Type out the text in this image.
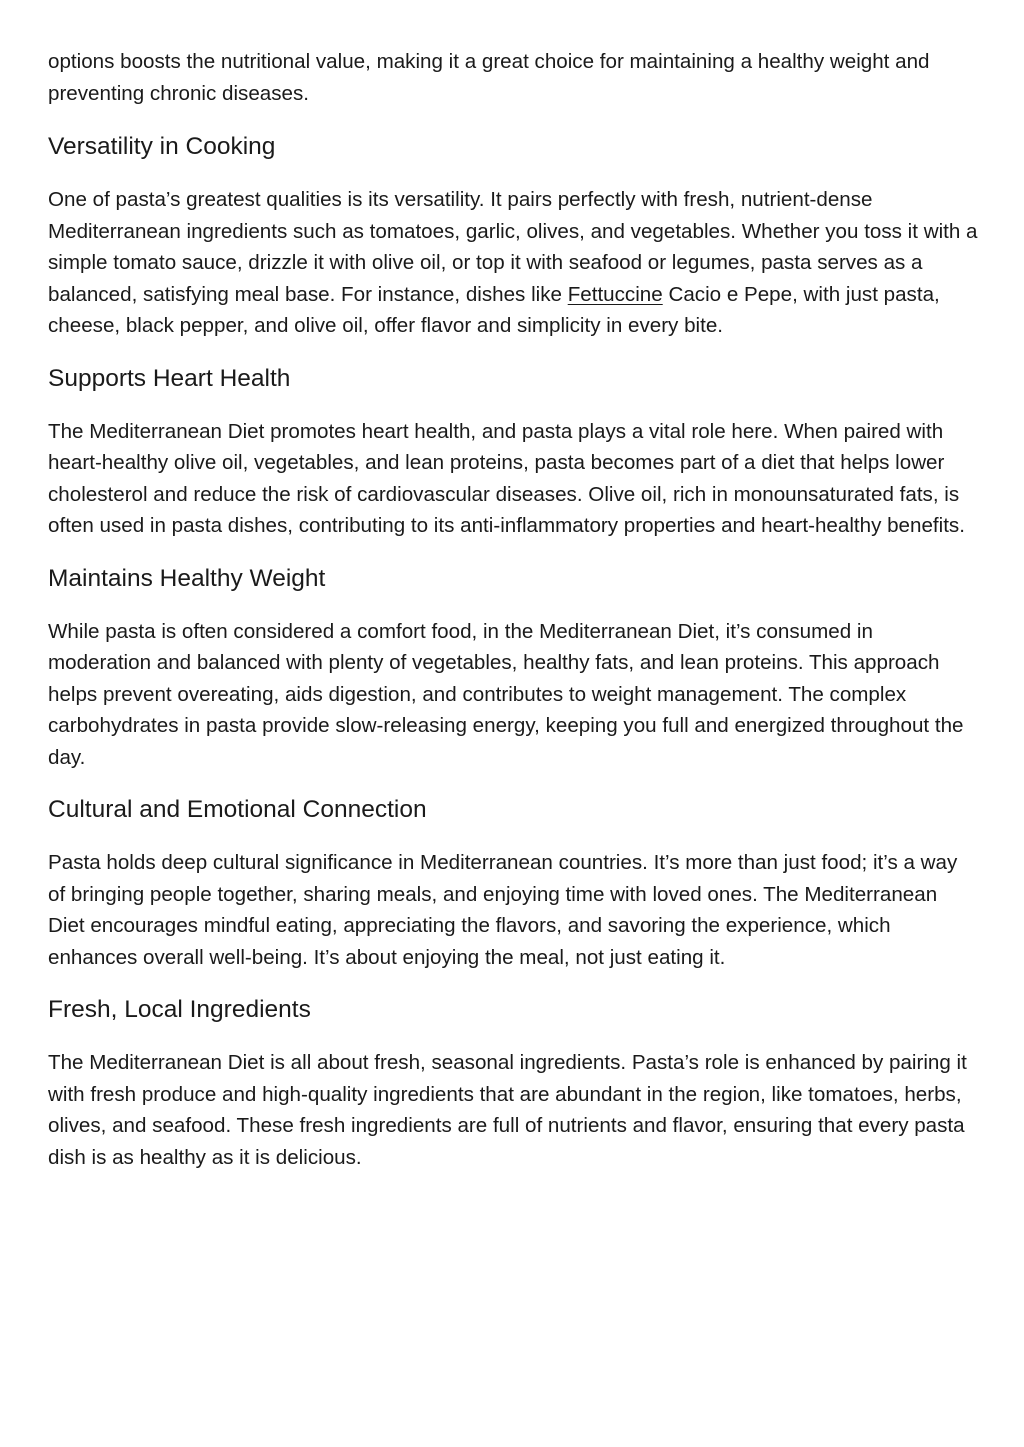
options boosts the nutritional value, making it a great choice for maintaining a healthy weight and preventing chronic diseases.

Versatility in Cooking

One of pasta’s greatest qualities is its versatility. It pairs perfectly with fresh, nutrient-dense Mediterranean ingredients such as tomatoes, garlic, olives, and vegetables. Whether you toss it with a simple tomato sauce, drizzle it with olive oil, or top it with seafood or legumes, pasta serves as a balanced, satisfying meal base. For instance, dishes like Fettuccine Cacio e Pepe, with just pasta, cheese, black pepper, and olive oil, offer flavor and simplicity in every bite.

Supports Heart Health

The Mediterranean Diet promotes heart health, and pasta plays a vital role here. When paired with heart-healthy olive oil, vegetables, and lean proteins, pasta becomes part of a diet that helps lower cholesterol and reduce the risk of cardiovascular diseases. Olive oil, rich in monounsaturated fats, is often used in pasta dishes, contributing to its anti-inflammatory properties and heart-healthy benefits.

Maintains Healthy Weight

While pasta is often considered a comfort food, in the Mediterranean Diet, it’s consumed in moderation and balanced with plenty of vegetables, healthy fats, and lean proteins. This approach helps prevent overeating, aids digestion, and contributes to weight management. The complex carbohydrates in pasta provide slow-releasing energy, keeping you full and energized throughout the day.

Cultural and Emotional Connection

Pasta holds deep cultural significance in Mediterranean countries. It’s more than just food; it’s a way of bringing people together, sharing meals, and enjoying time with loved ones. The Mediterranean Diet encourages mindful eating, appreciating the flavors, and savoring the experience, which enhances overall well-being. It’s about enjoying the meal, not just eating it.

Fresh, Local Ingredients

The Mediterranean Diet is all about fresh, seasonal ingredients. Pasta’s role is enhanced by pairing it with fresh produce and high-quality ingredients that are abundant in the region, like tomatoes, herbs, olives, and seafood. These fresh ingredients are full of nutrients and flavor, ensuring that every pasta dish is as healthy as it is delicious.
